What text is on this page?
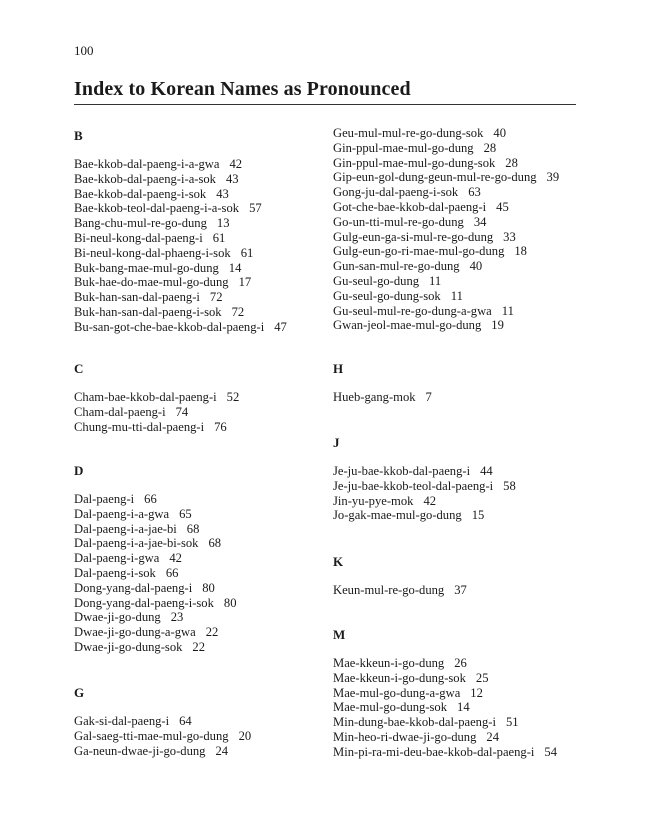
100
Index to Korean Names as Pronounced
B
Bae-kkob-dal-paeng-i-a-gwa 42
Bae-kkob-dal-paeng-i-a-sok 43
Bae-kkob-dal-paeng-i-sok 43
Bae-kkob-teol-dal-paeng-i-a-sok 57
Bang-chu-mul-re-go-dung 13
Bi-neul-kong-dal-paeng-i 61
Bi-neul-kong-dal-phaeng-i-sok 61
Buk-bang-mae-mul-go-dung 14
Buk-hae-do-mae-mul-go-dung 17
Buk-han-san-dal-paeng-i 72
Buk-han-san-dal-paeng-i-sok 72
Bu-san-got-che-bae-kkob-dal-paeng-i 47
C
Cham-bae-kkob-dal-paeng-i 52
Cham-dal-paeng-i 74
Chung-mu-tti-dal-paeng-i 76
D
Dal-paeng-i 66
Dal-paeng-i-a-gwa 65
Dal-paeng-i-a-jae-bi 68
Dal-paeng-i-a-jae-bi-sok 68
Dal-paeng-i-gwa 42
Dal-paeng-i-sok 66
Dong-yang-dal-paeng-i 80
Dong-yang-dal-paeng-i-sok 80
Dwae-ji-go-dung 23
Dwae-ji-go-dung-a-gwa 22
Dwae-ji-go-dung-sok 22
G
Gak-si-dal-paeng-i 64
Gal-saeg-tti-mae-mul-go-dung 20
Ga-neun-dwae-ji-go-dung 24
Geu-mul-mul-re-go-dung-sok 40
Gin-ppul-mae-mul-go-dung 28
Gin-ppul-mae-mul-go-dung-sok 28
Gip-eun-gol-dung-geun-mul-re-go-dung 39
Gong-ju-dal-paeng-i-sok 63
Got-che-bae-kkob-dal-paeng-i 45
Go-un-tti-mul-re-go-dung 34
Gulg-eun-ga-si-mul-re-go-dung 33
Gulg-eun-go-ri-mae-mul-go-dung 18
Gun-san-mul-re-go-dung 40
Gu-seul-go-dung 11
Gu-seul-go-dung-sok 11
Gu-seul-mul-re-go-dung-a-gwa 11
Gwan-jeol-mae-mul-go-dung 19
H
Hueb-gang-mok 7
J
Je-ju-bae-kkob-dal-paeng-i 44
Je-ju-bae-kkob-teol-dal-paeng-i 58
Jin-yu-pye-mok 42
Jo-gak-mae-mul-go-dung 15
K
Keun-mul-re-go-dung 37
M
Mae-kkeun-i-go-dung 26
Mae-kkeun-i-go-dung-sok 25
Mae-mul-go-dung-a-gwa 12
Mae-mul-go-dung-sok 14
Min-dung-bae-kkob-dal-paeng-i 51
Min-heo-ri-dwae-ji-go-dung 24
Min-pi-ra-mi-deu-bae-kkob-dal-paeng-i 54
